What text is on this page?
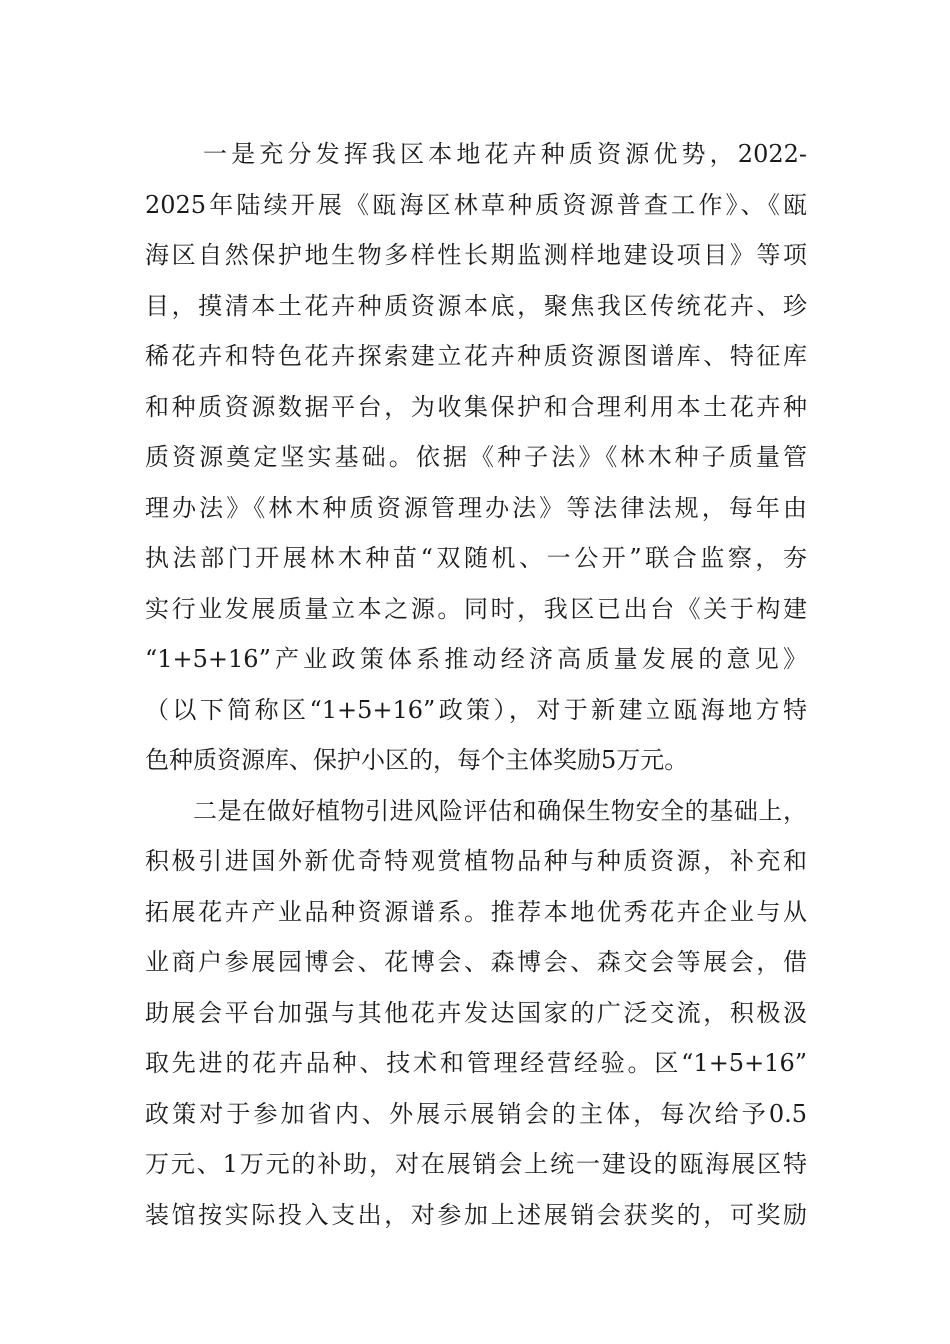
一是充分发挥我区本地花卉种质资源优势，2022-
2025年陆续开展《瓯海区林草种质资源普查工作》、《瓯
海区自然保护地生物多样性长期监测样地建设项目》等项
目，摸清本土花卉种质资源本底，聚焦我区传统花卉、珍
稀花卉和特色花卉探索建立花卉种质资源图谱库、特征库
和种质资源数据平台，为收集保护和合理利用本土花卉种
质资源奠定坚实基础。依据《种子法》《林木种子质量管
理办法》《林木种质资源管理办法》等法律法规，每年由
执法部门开展林木种苗“双随机、一公开”联合监察，夯
实行业发展质量立本之源。同时，我区已出台《关于构建
“1+5+16”产业政策体系推动经济高质量发展的意见》
（以下简称区“1+5+16”政策），对于新建立瓯海地方特
色种质资源库、保护小区的，每个主体奖励5万元。
二是在做好植物引进风险评估和确保生物安全的基础上，
积极引进国外新优奇特观赏植物品种与种质资源，补充和
拓展花卉产业品种资源谱系。推荐本地优秀花卉企业与从
业商户参展园博会、花博会、森博会、森交会等展会，借
助展会平台加强与其他花卉发达国家的广泛交流，积极汲
取先进的花卉品种、技术和管理经营经验。区“1+5+16”
政策对于参加省内、外展示展销会的主体，每次给予0.5
万元、1万元的补助，对在展销会上统一建设的瓯海展区特
装馆按实际投入支出，对参加上述展销会获奖的，可奖励
